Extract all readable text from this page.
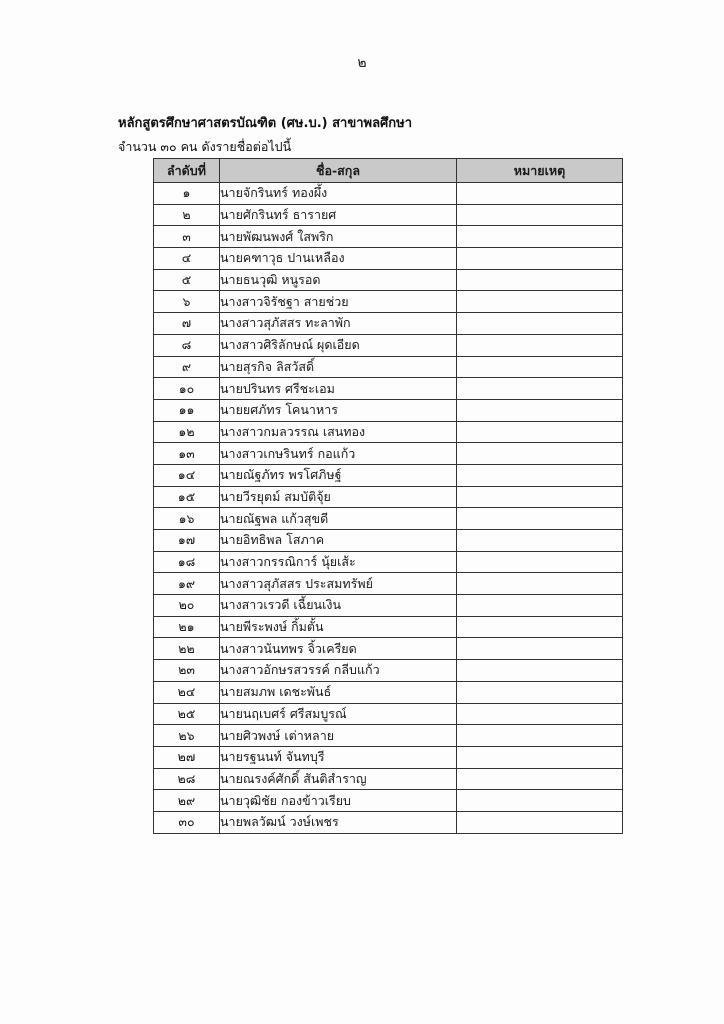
๒
หลักสูตรศึกษาศาสตรบัณฑิต (ศษ.บ.) สาขาพลศึกษา
จำนวน ๓๐ คน ดังรายชื่อต่อไปนี้
ลำดับที่	ชื่อ-สกุล	หมายเหตุ
๑	นายจักรินทร์ ทองผึ้ง	
๒	นายศักรินทร์ ธารายศ	
๓	นายพัฒนพงศ์ ใสพริก	
๔	นายคฑาวุธ ปานเหลือง	
๕	นายธนวุฒิ หนูรอด	
๖	นางสาวจิรัชฐา สายช่วย	
๗	นางสาวสุภัสสร ทะลาพัก	
๘	นางสาวศิริลักษณ์ ผุดเอียด	
๙	นายสุรกิจ ลิสวัสดิ์	
๑๐	นายปรินทร ศรีชะเอม	
๑๑	นายยศภัทร โคนาหาร	
๑๒	นางสาวกมลวรรณ เสนทอง	
๑๓	นางสาวเกษรินทร์ กอแก้ว	
๑๔	นายณัฐภัทร พรโศภิษฐ์	
๑๕	นายวีรยุตม์ สมบัติจุ้ย	
๑๖	นายณัฐพล แก้วสุขดี	
๑๗	นายอิทธิพล โสภาค	
๑๘	นางสาวกรรณิการ์ นุ้ยเส้ะ	
๑๙	นางสาวสุภัสสร ประสมทรัพย์	
๒๐	นางสาวเรวดี เฉี้ยนเงิน	
๒๑	นายพีระพงษ์ กิ้มตั้น	
๒๒	นางสาวนันทพร จิ้วเครียด	
๒๓	นางสาวอักษรสวรรค์ กลีบแก้ว	
๒๔	นายสมภพ เดชะพันธ์	
๒๕	นายนฤเบศร์ ศรีสมบูรณ์	
๒๖	นายศิวพงษ์ เต่าหลาย	
๒๗	นายรฐนนท์ จันทบุรี	
๒๘	นายณรงค์ศักดิ์ สันติสำราญ	
๒๙	นายวุฒิชัย กองข้าวเรียบ	
๓๐	นายพลวัฒน์ วงษ์เพชร	
